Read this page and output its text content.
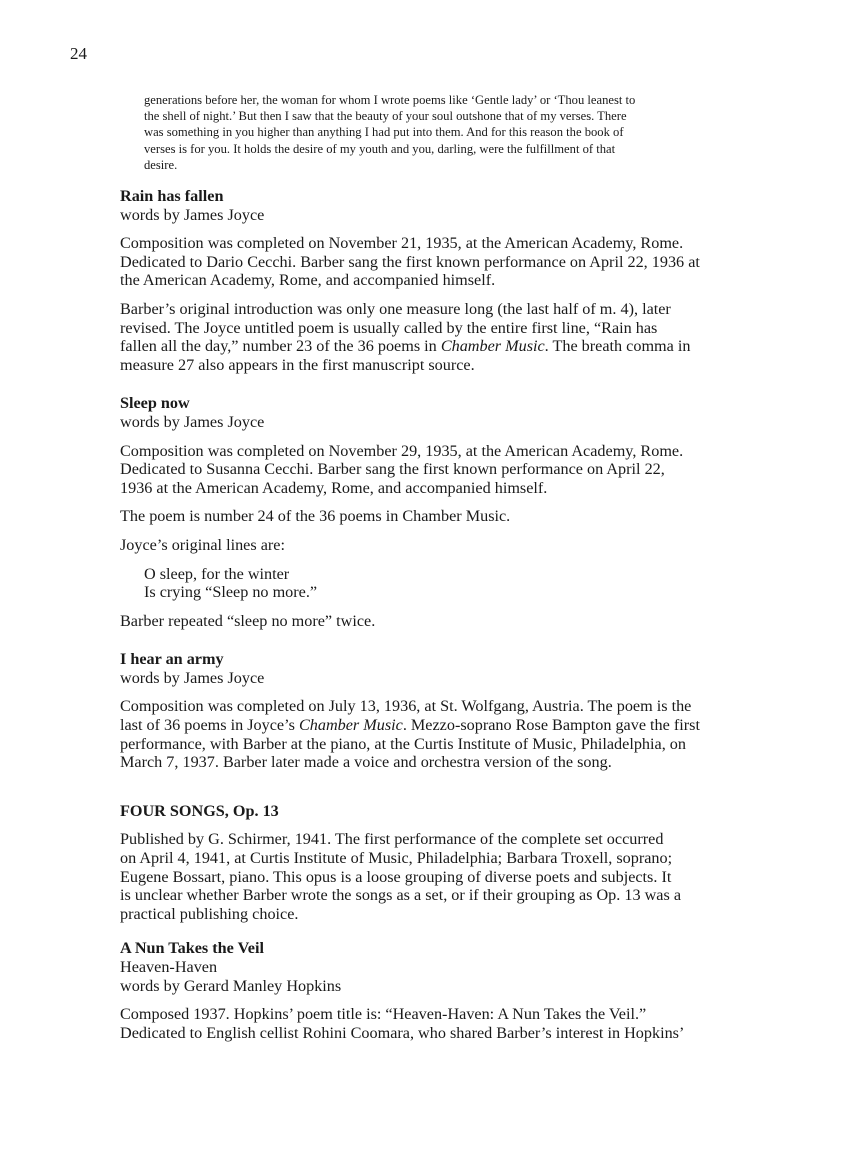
24
generations before her, the woman for whom I wrote poems like ‘Gentle lady’ or ‘Thou leanest to
the shell of night.’ But then I saw that the beauty of your soul outshone that of my verses. There
was something in you higher than anything I had put into them. And for this reason the book of
verses is for you. It holds the desire of my youth and you, darling, were the fulfillment of that
desire.
Rain has fallen
words by James Joyce

Composition was completed on November 21, 1935, at the American Academy, Rome.
Dedicated to Dario Cecchi. Barber sang the first known performance on April 22, 1936 at
the American Academy, Rome, and accompanied himself.

Barber’s original introduction was only one measure long (the last half of m. 4), later
revised. The Joyce untitled poem is usually called by the entire first line, “Rain has
fallen all the day,” number 23 of the 36 poems in Chamber Music. The breath comma in
measure 27 also appears in the first manuscript source.

Sleep now
words by James Joyce

Composition was completed on November 29, 1935, at the American Academy, Rome.
Dedicated to Susanna Cecchi. Barber sang the first known performance on April 22,
1936 at the American Academy, Rome, and accompanied himself.

The poem is number 24 of the 36 poems in Chamber Music.

Joyce’s original lines are:

O sleep, for the winter
Is crying “Sleep no more.”

Barber repeated “sleep no more” twice.

I hear an army
words by James Joyce

Composition was completed on July 13, 1936, at St. Wolfgang, Austria. The poem is the
last of 36 poems in Joyce’s Chamber Music. Mezzo-soprano Rose Bampton gave the first
performance, with Barber at the piano, at the Curtis Institute of Music, Philadelphia, on
March 7, 1937. Barber later made a voice and orchestra version of the song.

FOUR SONGS, Op. 13

Published by G. Schirmer, 1941. The first performance of the complete set occurred
on April 4, 1941, at Curtis Institute of Music, Philadelphia; Barbara Troxell, soprano;
Eugene Bossart, piano. This opus is a loose grouping of diverse poets and subjects. It
is unclear whether Barber wrote the songs as a set, or if their grouping as Op. 13 was a
practical publishing choice.

A Nun Takes the Veil
Heaven-Haven
words by Gerard Manley Hopkins

Composed 1937. Hopkins’ poem title is: “Heaven-Haven: A Nun Takes the Veil.”
Dedicated to English cellist Rohini Coomara, who shared Barber’s interest in Hopkins’
